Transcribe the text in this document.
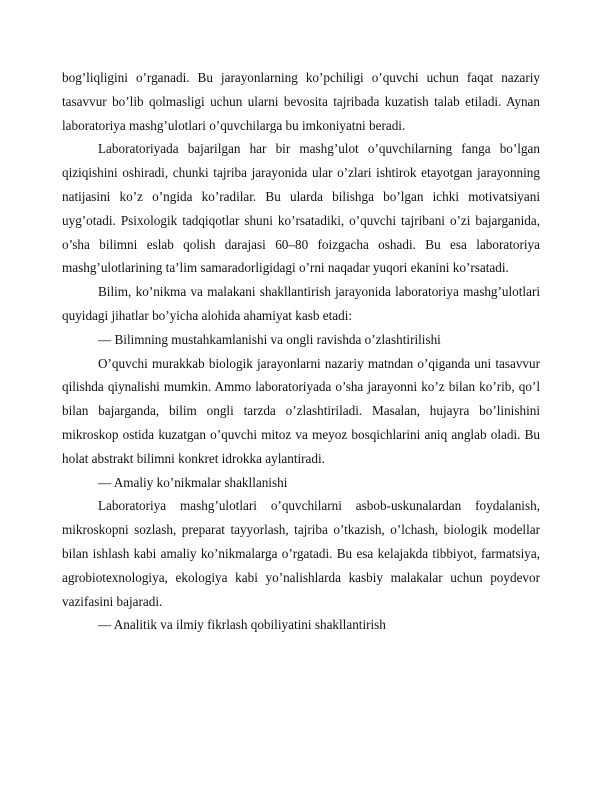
bog’liqligini o’rganadi. Bu jarayonlarning ko’pchiligi o’quvchi uchun faqat nazariy tasavvur bo’lib qolmasligi uchun ularni bevosita tajribada kuzatish talab etiladi. Aynan laboratoriya mashg’ulotlari o’quvchilarga bu imkoniyatni beradi.

Laboratoriyada bajarilgan har bir mashg’ulot o’quvchilarning fanga bo’lgan qiziqishini oshiradi, chunki tajriba jarayonida ular o’zlari ishtirok etayotgan jarayonning natijasini ko’z o’ngida ko’radilar. Bu ularda bilishga bo’lgan ichki motivatsiyani uyg’otadi. Psixologik tadqiqotlar shuni ko’rsatadiki, o’quvchi tajribani o’zi bajarganida, o’sha bilimni eslab qolish darajasi 60–80 foizgacha oshadi. Bu esa laboratoriya mashg’ulotlarining ta’lim samaradorligidagi o’rni naqadar yuqori ekanini ko’rsatadi.

Bilim, ko’nikma va malakani shakllantirish jarayonida laboratoriya mashg’ulotlari quyidagi jihatlar bo’yicha alohida ahamiyat kasb etadi:

— Bilimning mustahkamlanishi va ongli ravishda o’zlashtirilishi

O’quvchi murakkab biologik jarayonlarni nazariy matndan o’qiganda uni tasavvur qilishda qiynalishi mumkin. Ammo laboratoriyada o’sha jarayonni ko’z bilan ko’rib, qo’l bilan bajarganda, bilim ongli tarzda o’zlashtiriladi. Masalan, hujayra bo’linishini mikroskop ostida kuzatgan o’quvchi mitoz va meyoz bosqichlarini aniq anglab oladi. Bu holat abstrakt bilimni konkret idrokka aylantiradi.

— Amaliy ko’nikmalar shakllanishi

Laboratoriya mashg’ulotlari o’quvchilarni asbob-uskunalardan foydalanish, mikroskopni sozlash, preparat tayyorlash, tajriba o’tkazish, o’lchash, biologik modellar bilan ishlash kabi amaliy ko’nikmalarga o’rgatadi. Bu esa kelajakda tibbiyot, farmatsiya, agrobiotexnologiya, ekologiya kabi yo’nalishlarda kasbiy malakalar uchun poydevor vazifasini bajaradi.

— Analitik va ilmiy fikrlash qobiliyatini shakllantirish
